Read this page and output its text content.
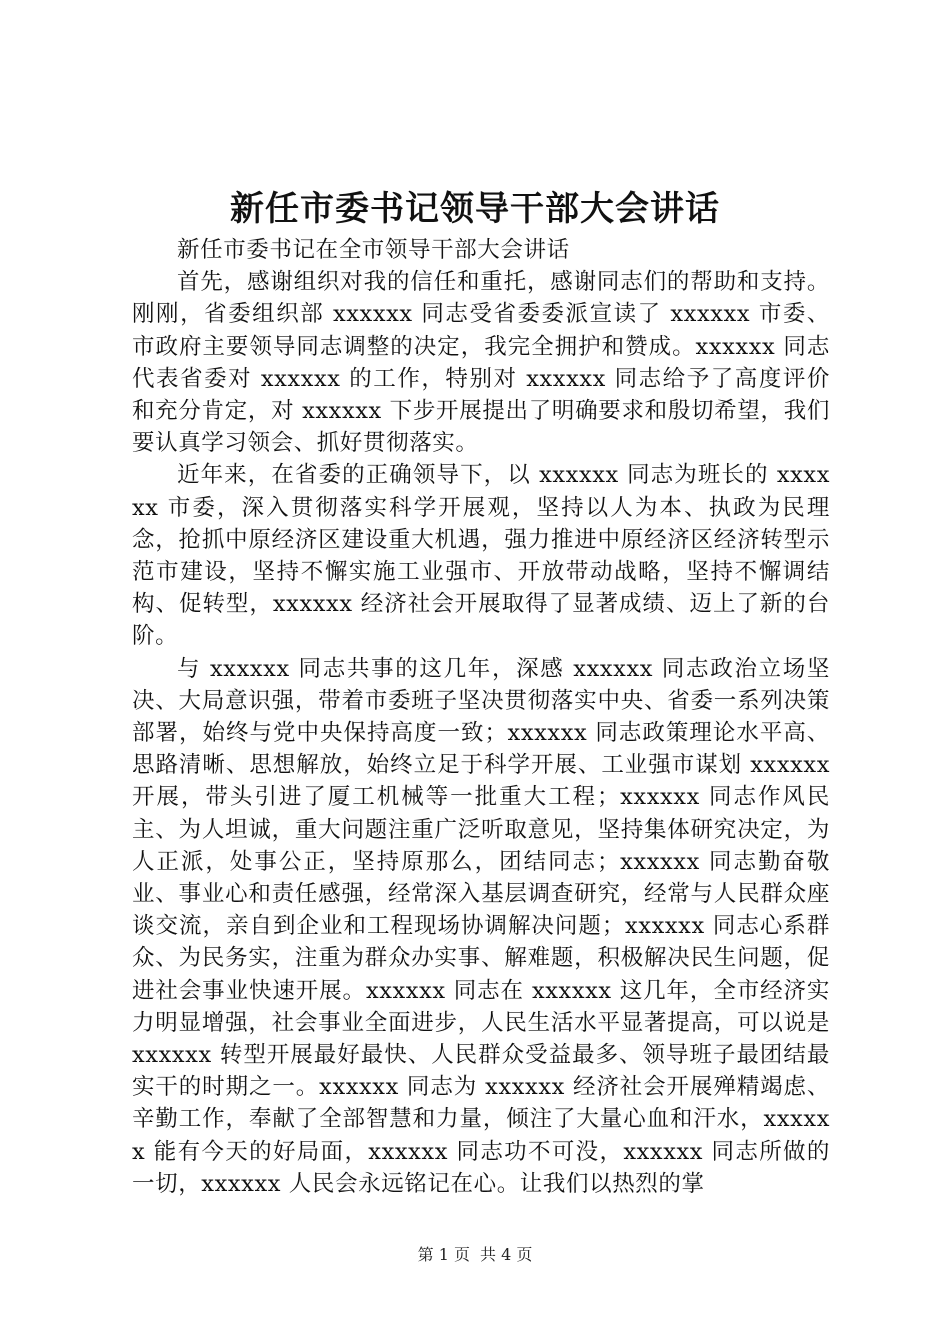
新任市委书记领导干部大会讲话

新任市委书记在全市领导干部大会讲话

首先，感谢组织对我的信任和重托，感谢同志们的帮助和支持。刚刚，省委组织部 xxxxxx 同志受省委委派宣读了 xxxxxx 市委、市政府主要领导同志调整的决定，我完全拥护和赞成。xxxxxx 同志代表省委对 xxxxxx 的工作，特别对 xxxxxx 同志给予了高度评价和充分肯定，对 xxxxxx 下步开展提出了明确要求和殷切希望，我们要认真学习领会、抓好贯彻落实。

近年来，在省委的正确领导下，以 xxxxxx 同志为班长的 xxxxxx 市委，深入贯彻落实科学开展观，坚持以人为本、执政为民理念，抢抓中原经济区建设重大机遇，强力推进中原经济区经济转型示范市建设，坚持不懈实施工业强市、开放带动战略，坚持不懈调结构、促转型，xxxxxx 经济社会开展取得了显著成绩、迈上了新的台阶。

与 xxxxxx 同志共事的这几年，深感 xxxxxx 同志政治立场坚决、大局意识强，带着市委班子坚决贯彻落实中央、省委一系列决策部署，始终与党中央保持高度一致；xxxxxx 同志政策理论水平高、思路清晰、思想解放，始终立足于科学开展、工业强市谋划 xxxxxx 开展，带头引进了厦工机械等一批重大工程；xxxxxx 同志作风民主、为人坦诚，重大问题注重广泛听取意见，坚持集体研究决定，为人正派，处事公正，坚持原那么，团结同志；xxxxxx 同志勤奋敬业、事业心和责任感强，经常深入基层调查研究，经常与人民群众座谈交流，亲自到企业和工程现场协调解决问题；xxxxxx 同志心系群众、为民务实，注重为群众办实事、解难题，积极解决民生问题，促进社会事业快速开展。xxxxxx 同志在 xxxxxx 这几年，全市经济实力明显增强，社会事业全面进步，人民生活水平显著提高，可以说是 xxxxxx 转型开展最好最快、人民群众受益最多、领导班子最团结最实干的时期之一。xxxxxx 同志为 xxxxxx 经济社会开展殚精竭虑、辛勤工作，奉献了全部智慧和力量，倾注了大量心血和汗水，xxxxxx 能有今天的好局面，xxxxxx 同志功不可没，xxxxxx 同志所做的一切，xxxxxx 人民会永远铭记在心。让我们以热烈的掌

第 1 页 共 4 页
